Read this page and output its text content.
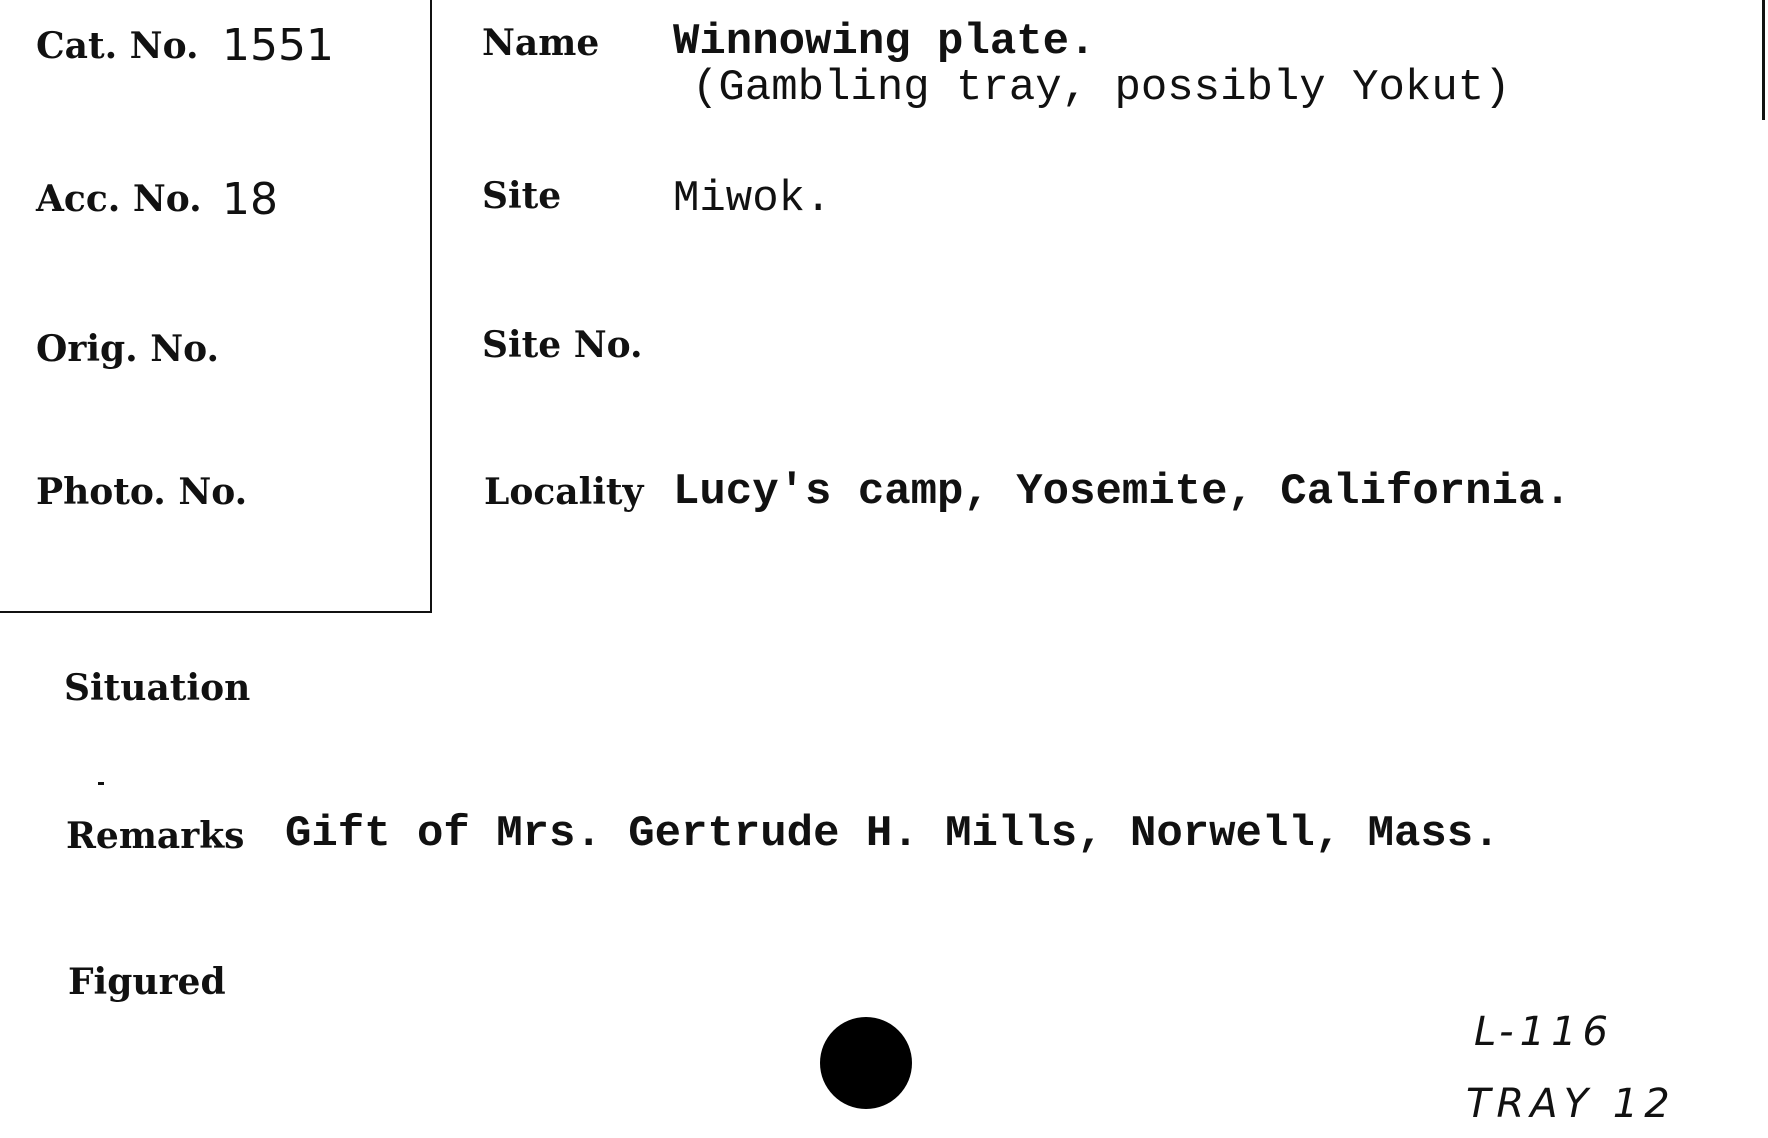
Cat. No. 1551
Acc. No. 18
Orig. No.
Photo. No.
Name Winnowing plate.
(Gambling tray, possibly Yokut)
Site	Miwok.
Site No.
Locality Lucy's camp, Yosemite, California.
Situation
Remarks Gift of Mrs. Gertrude H. Mills, Norwell, Mass.
Figured
L-116
TRAY 12
